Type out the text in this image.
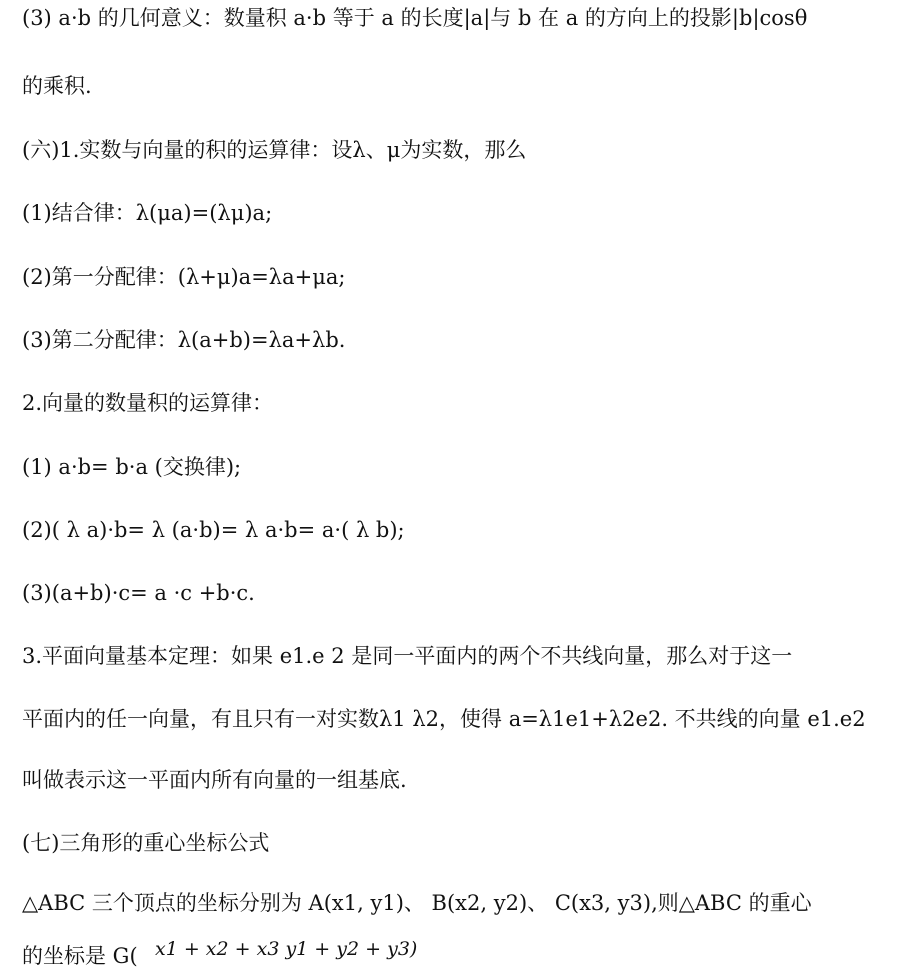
(3) a·b 的几何意义：数量积 a·b 等于 a 的长度|a|与 b 在 a 的方向上的投影|b|cosθ
的乘积.
(六)1.实数与向量的积的运算律：设λ、μ为实数，那么
(1)结合律：λ(μa)=(λμ)a;
(2)第一分配律：(λ+μ)a=λa+μa;
(3)第二分配律：λ(a+b)=λa+λb.
2.向量的数量积的运算律：
(1) a·b= b·a (交换律);
(2)( λ a)·b= λ (a·b)= λ a·b= a·( λ b);
(3)(a+b)·c= a ·c +b·c.
3.平面向量基本定理：如果 e1.e 2 是同一平面内的两个不共线向量，那么对于这一
平面内的任一向量，有且只有一对实数λ1 λ2，使得 a=λ1e1+λ2e2. 不共线的向量 e1.e2
叫做表示这一平面内所有向量的一组基底.
(七)三角形的重心坐标公式
△ABC 三个顶点的坐标分别为 A(x1, y1)、 B(x2, y2)、 C(x3, y3),则△ABC 的重心
的坐标是 G( x1 + x2 + x3 y1 + y2 + y3)
